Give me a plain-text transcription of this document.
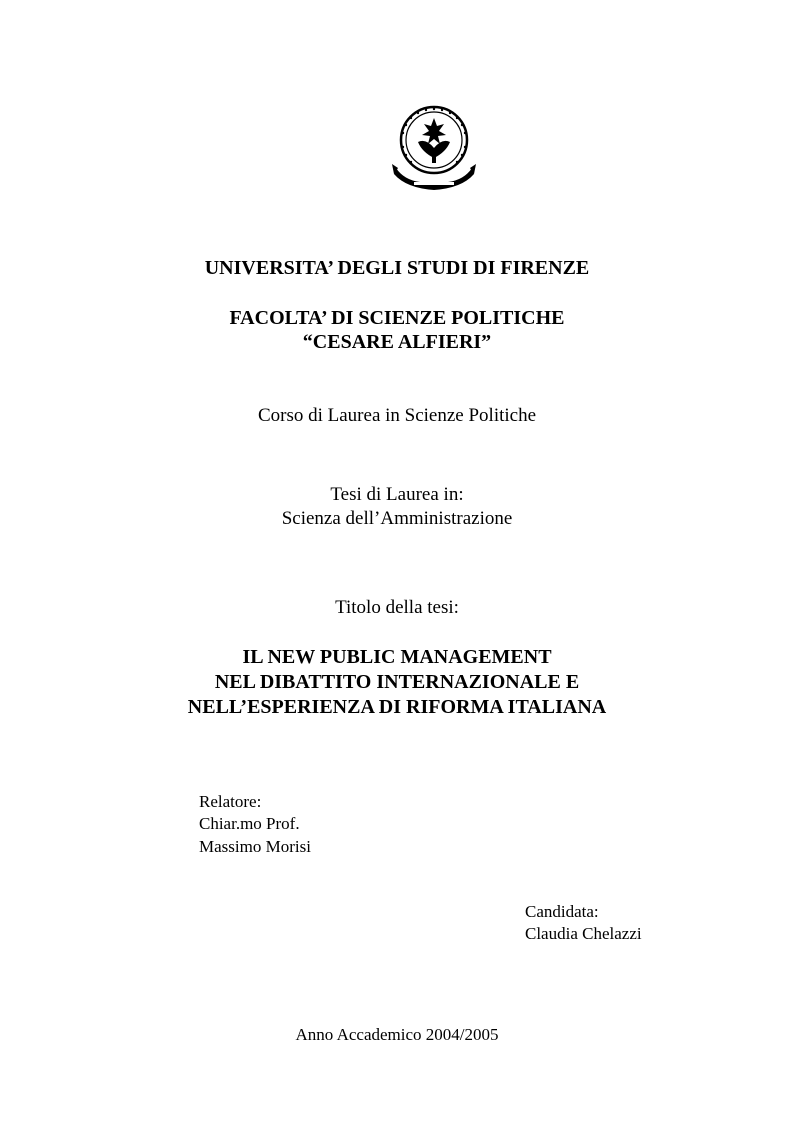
UNIVERSITA’ DEGLI STUDI DI FIRENZE
FACOLTA’ DI SCIENZE POLITICHE
“CESARE ALFIERI”
Corso di Laurea in Scienze Politiche
Tesi di Laurea in:
Scienza dell’Amministrazione
Titolo della tesi:
IL NEW PUBLIC MANAGEMENT
NEL DIBATTITO INTERNAZIONALE E
NELL’ESPERIENZA DI RIFORMA ITALIANA
Relatore:
Chiar.mo Prof.
Massimo Morisi
Candidata:
Claudia Chelazzi
Anno Accademico 2004/2005
